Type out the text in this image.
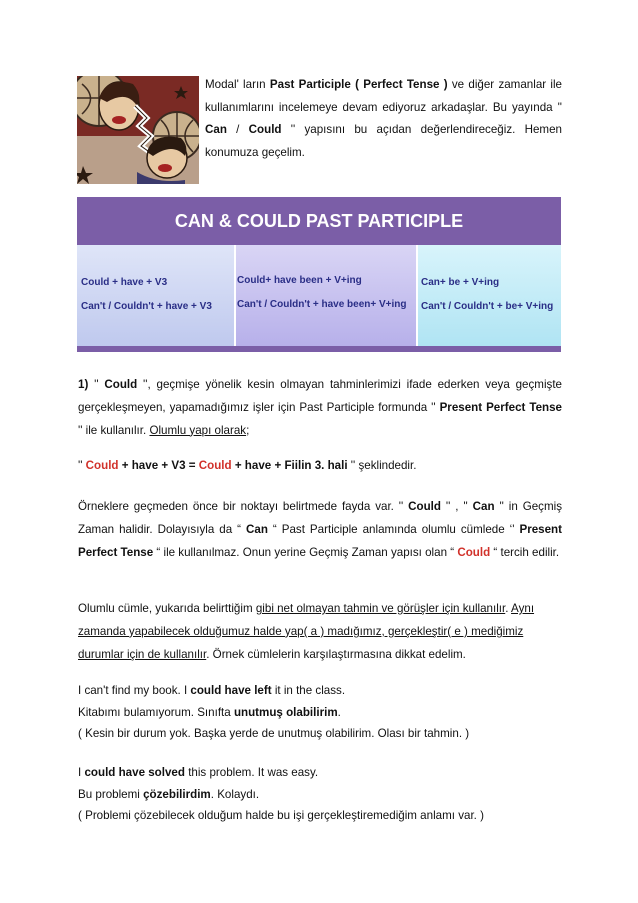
Modal' ların Past Participle ( Perfect Tense ) ve diğer zamanlar ile kullanımlarını incelemeye devam ediyoruz arkadaşlar. Bu yayında '' Can / Could '' yapısını bu açıdan değerlendireceğiz. Hemen konumuza geçelim.
CAN & COULD PAST PARTICIPLE
Could + have + V3
Can't / Couldn't + have + V3
Could+ have been + V+ing
Can't / Couldn't + have been+ V+ing
Can+ be + V+ing
Can't / Couldn't + be+ V+ing

1) '' Could '', geçmişe yönelik kesin olmayan tahminlerimizi ifade ederken veya geçmişte gerçekleşmeyen, yapamadığımız işler için Past Participle formunda '' Present Perfect Tense '' ile kullanılır. Olumlu yapı olarak;

'' Could + have + V3 = Could + have + Fiilin 3. hali '' şeklindedir.

Örneklere geçmeden önce bir noktayı belirtmede fayda var. '' Could '' , '' Can '' in Geçmiş Zaman halidir. Dolayısıyla da “ Can “ Past Participle anlamında olumlu cümlede ‘' Present Perfect Tense “ ile kullanılmaz. Onun yerine Geçmiş Zaman yapısı olan “ Could “ tercih edilir.

Olumlu cümle, yukarıda belirttiğim gibi net olmayan tahmin ve görüşler için kullanılır. Aynı zamanda yapabilecek olduğumuz halde yap( a ) madığımız, gerçekleştir( e ) mediğimiz durumlar için de kullanılır. Örnek cümlelerin karşılaştırmasına dikkat edelim.

I can't find my book. I could have left it in the class.
Kitabımı bulamıyorum. Sınıfta unutmuş olabilirim.
( Kesin bir durum yok. Başka yerde de unutmuş olabilirim. Olası bir tahmin. )
I could have solved this problem. It was easy.
Bu problemi çözebilirdim. Kolaydı.
( Problemi çözebilecek olduğum halde bu işi gerçekleştiremediğim anlamı var. )
